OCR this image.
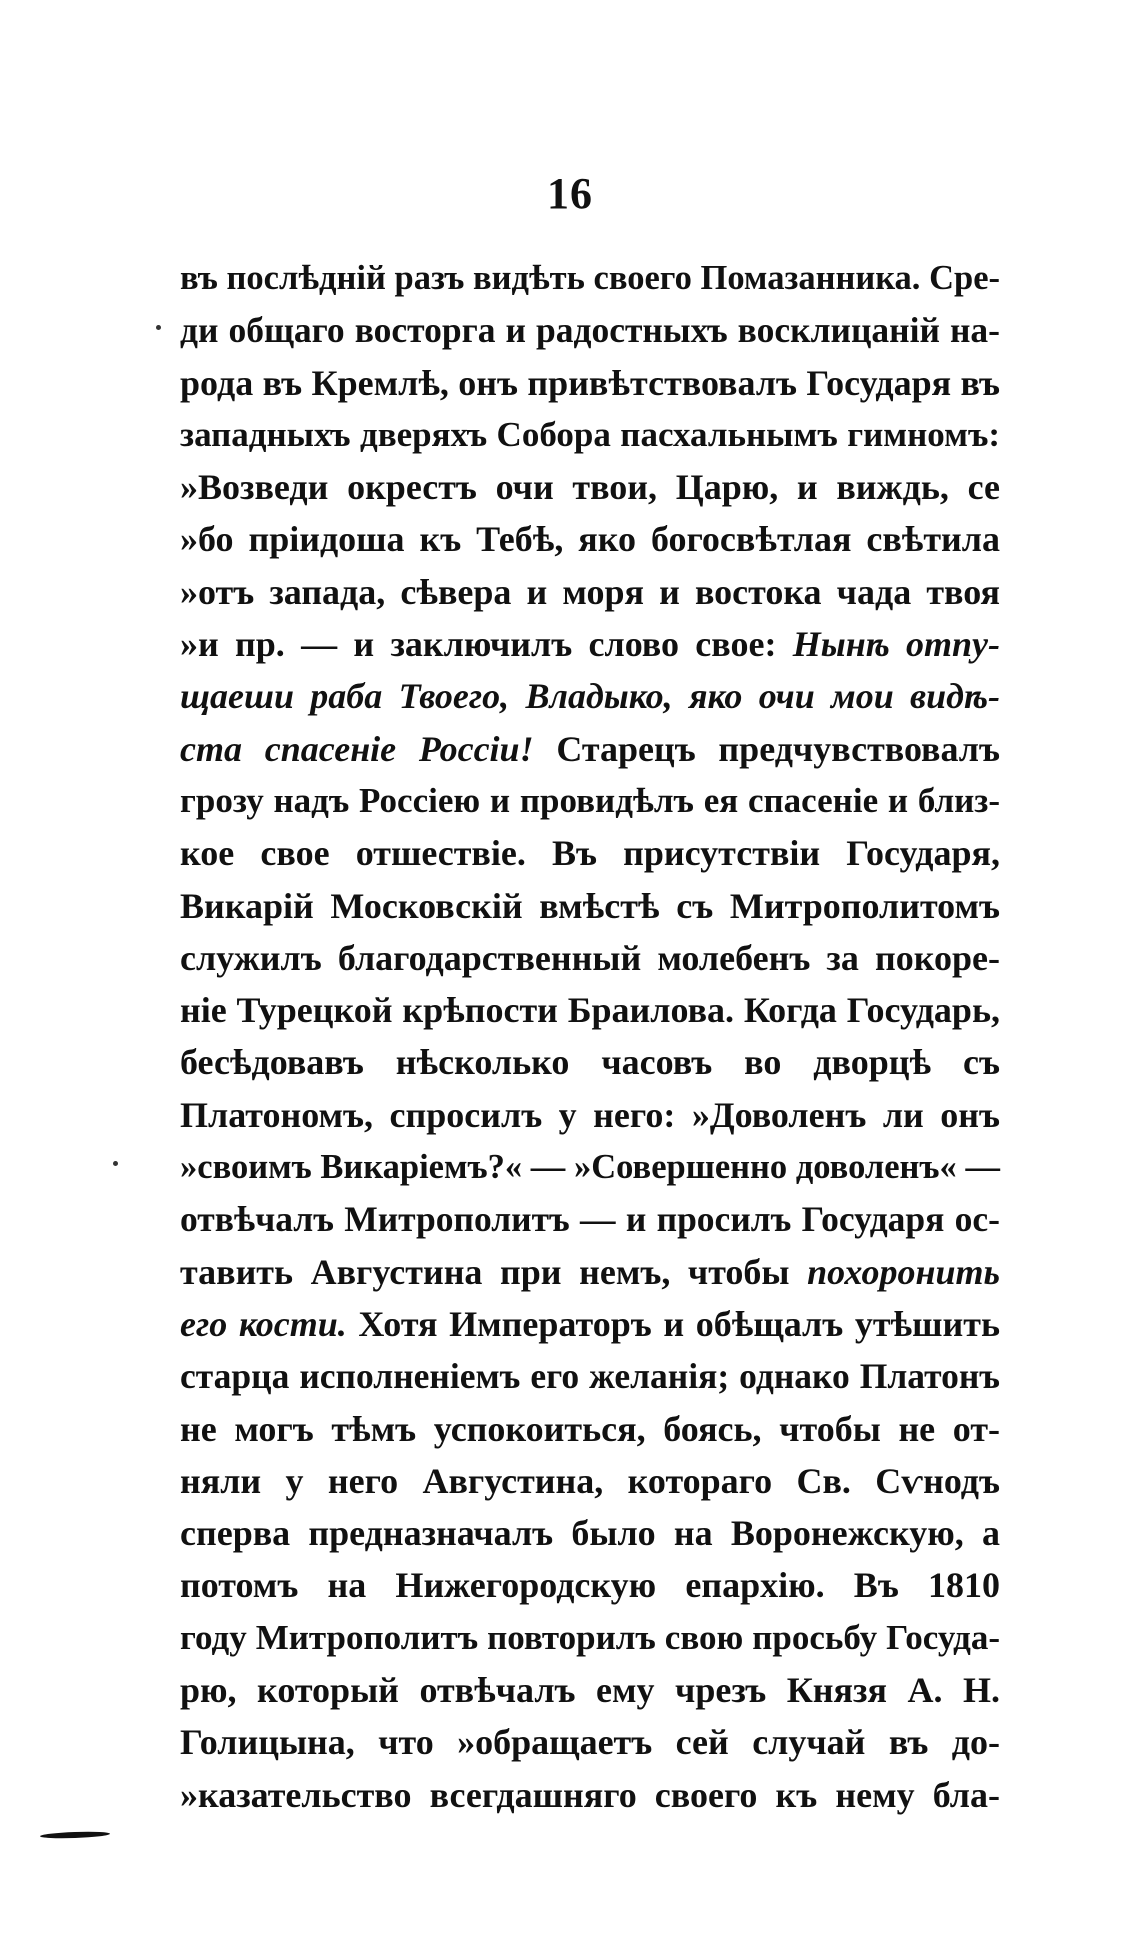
16
въ послѣдній разъ видѣть своего Помазанника. Сре-
ди общаго восторга и радостныхъ восклицаній на-
рода въ Кремлѣ, онъ привѣтствовалъ Государя въ
западныхъ дверяхъ Собора пасхальнымъ гимномъ:
»Возведи окрестъ очи твои, Царю, и виждь, се
»бо пріидоша къ Тебѣ, яко богосвѣтлая свѣтила
»отъ запада, сѣвера и моря и востока чада твоя
»и пр. — и заключилъ слово свое: Нынѣ отпу-
щаеши раба Твоего, Владыко, яко очи мои видѣ-
ста спасеніе Россіи! Старецъ предчувствовалъ
грозу надъ Россіею и провидѣлъ ея спасеніе и близ-
кое свое отшествіе. Въ присутствіи Государя,
Викарій Московскій вмѣстѣ съ Митрополитомъ
служилъ благодарственный молебенъ за покоре-
ніе Турецкой крѣпости Браилова. Когда Государь,
бесѣдовавъ нѣсколько часовъ во дворцѣ съ
Платономъ, спросилъ у него: »Доволенъ ли онъ
»своимъ Викаріемъ?« — »Совершенно доволенъ« —
отвѣчалъ Митрополитъ — и просилъ Государя ос-
тавить Августина при немъ, чтобы похоронить
его кости. Хотя Императоръ и обѣщалъ утѣшить
старца исполненіемъ его желанія; однако Платонъ
не могъ тѣмъ успокоиться, боясь, чтобы не от-
няли у него Августина, котораго Св. Сѵнодъ
сперва предназначалъ было на Воронежскую, а
потомъ на Нижегородскую епархію. Въ 1810
году Митрополитъ повторилъ свою просьбу Госуда-
рю, который отвѣчалъ ему чрезъ Князя А. Н.
Голицына, что »обращаетъ сей случай въ до-
»казательство всегдашняго своего къ нему бла-
